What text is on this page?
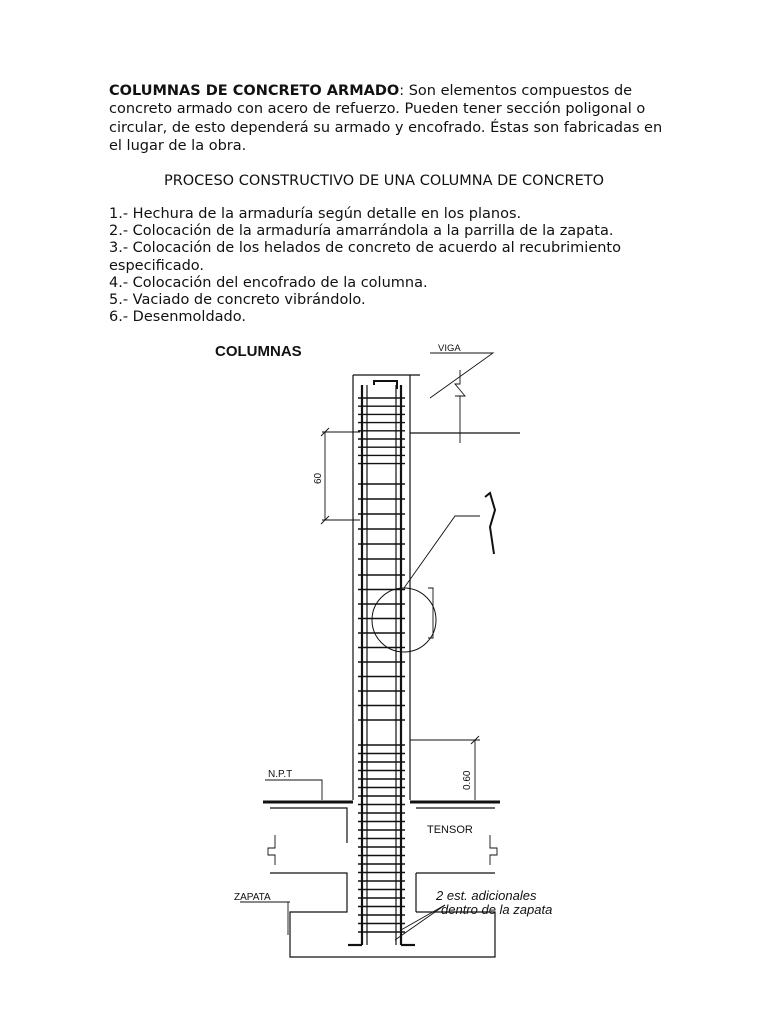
COLUMNAS DE CONCRETO ARMADO: Son elementos compuestos de concreto armado con acero de refuerzo. Pueden tener sección poligonal o circular, de esto dependerá su armado y encofrado. Éstas son fabricadas en el lugar de la obra.

PROCESO CONSTRUCTIVO DE UNA COLUMNA DE CONCRETO

1.- Hechura de la armaduría según detalle en los planos.
2.- Colocación de la armaduría amarrándola a la parrilla de la zapata.
3.- Colocación de los helados de concreto de acuerdo al recubrimiento especificado.
4.- Colocación del encofrado de la columna.
5.- Vaciado de concreto vibrándolo.
6.- Desenmoldado.
COLUMNAS	VIGA
60
0.60
N.P.T
TENSOR
ZAPATA	2 est. adicionales
dentro de la zapata
